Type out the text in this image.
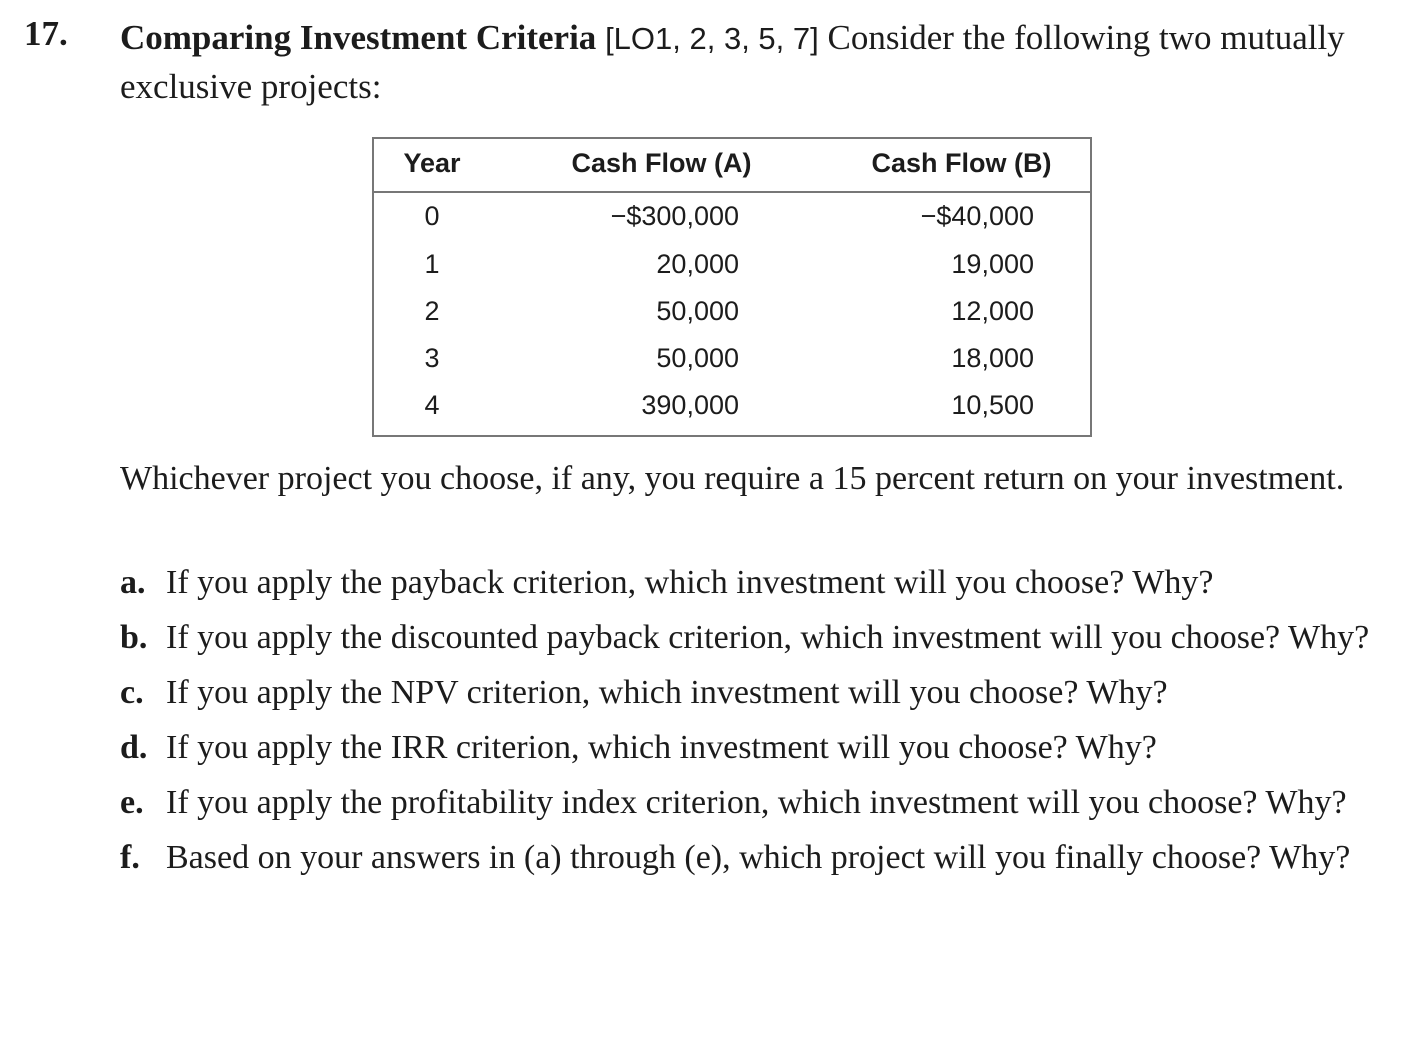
17. Comparing Investment Criteria [LO1, 2, 3, 5, 7] Consider the following two mutually exclusive projects:
Year	Cash Flow (A)	Cash Flow (B)
0	−$300,000	−$40,000
1	20,000	19,000
2	50,000	12,000
3	50,000	18,000
4	390,000	10,500
Whichever project you choose, if any, you require a 15 percent return on your investment.
a. If you apply the payback criterion, which investment will you choose? Why?
b. If you apply the discounted payback criterion, which investment will you choose? Why?
c. If you apply the NPV criterion, which investment will you choose? Why?
d. If you apply the IRR criterion, which investment will you choose? Why?
e. If you apply the profitability index criterion, which investment will you choose? Why?
f. Based on your answers in (a) through (e), which project will you finally choose? Why?
